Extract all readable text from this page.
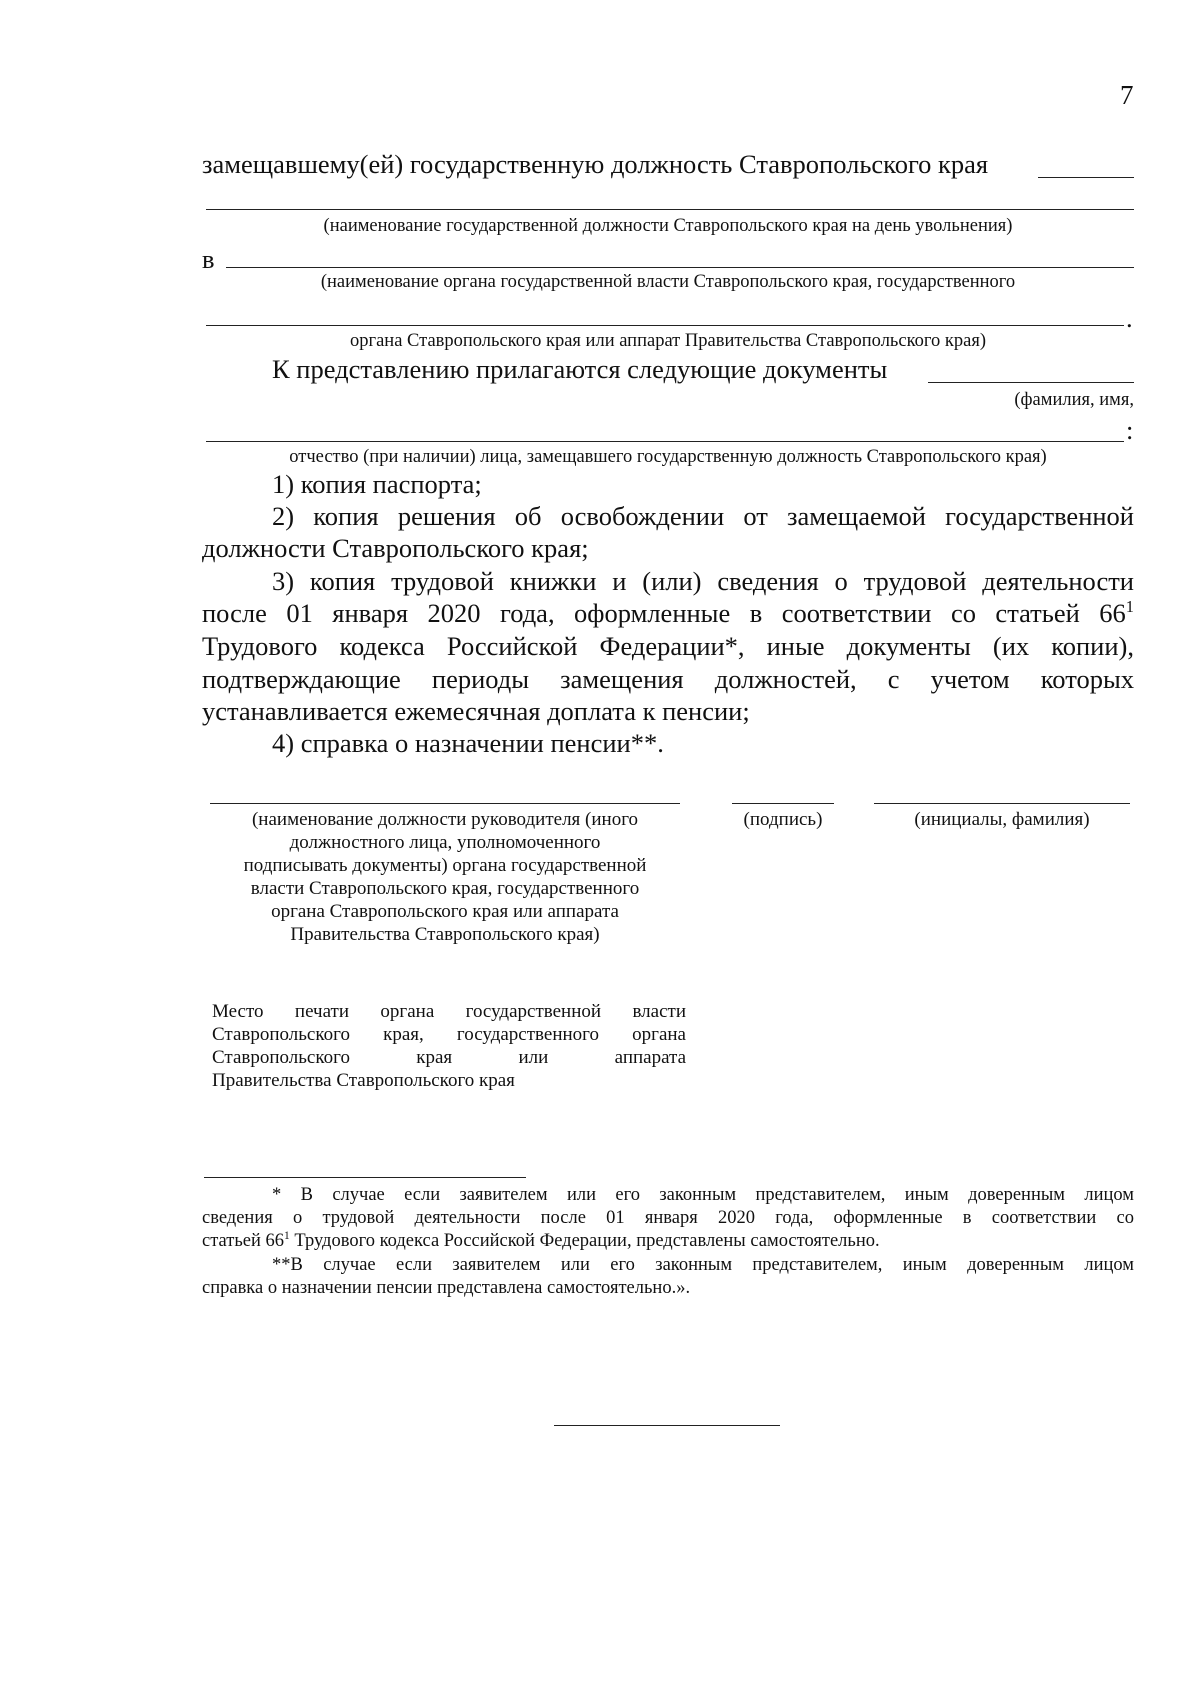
7
замещавшему(ей) государственную должность Ставропольского края
(наименование государственной должности Ставропольского края на день увольнения)
в
(наименование органа государственной власти Ставропольского края, государственного
.
органа Ставропольского края или аппарат Правительства Ставропольского края)
К представлению прилагаются следующие документы
(фамилия, имя,
:
отчество (при наличии) лица, замещавшего государственную должность Ставропольского края)
1) копия паспорта;
2) копия решения об освобождении от замещаемой государственной
должности Ставропольского края;
3) копия трудовой книжки и (или) сведения о трудовой деятельности
после 01 января 2020 года, оформленные в соответствии со статьей $66^1$
Трудового кодекса Российской Федерации*, иные документы (их копии),
подтверждающие периоды замещения должностей, с учетом которых
устанавливается ежемесячная доплата к пенсии;
4) справка о назначении пенсии**.
(наименование должности руководителя (иного
должностного лица, уполномоченного
подписывать документы) органа государственной
власти Ставропольского края, государственного
органа Ставропольского края или аппарата
Правительства Ставропольского края)
(подпись)	(инициалы, фамилия)
Место печати органа государственной власти
Ставропольского края, государственного органа
Ставропольского края или аппарата
Правительства Ставропольского края
* В случае если заявителем или его законным представителем, иным доверенным лицом
сведения о трудовой деятельности после 01 января 2020 года, оформленные в соответствии со
статьей $66^1$ Трудового кодекса Российской Федерации, представлены самостоятельно.
**В случае если заявителем или его законным представителем, иным доверенным лицом
справка о назначении пенсии представлена самостоятельно.».
